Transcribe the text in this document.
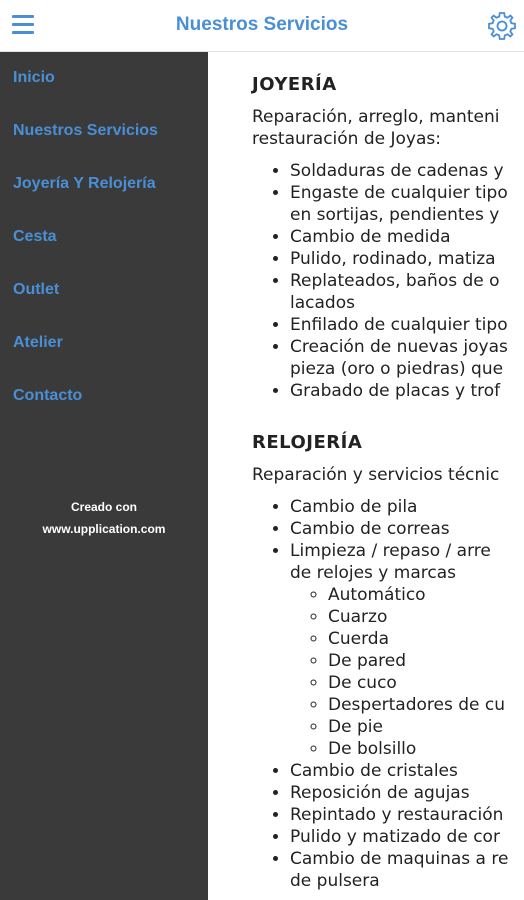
Nuestros Servicios
Inicio
Nuestros Servicios
Joyería Y Relojería
Cesta
Outlet
Atelier
Contacto
Creado con
www.upplication.com
JOYERÍA
Reparación, arreglo, manteni
restauración de Joyas:
• Soldaduras de cadenas y
• Engaste de cualquier tipo
en sortijas, pendientes y
• Cambio de medida
• Pulido, rodinado, matiza
• Replateados, baños de o
lacados
• Enfilado de cualquier tipo
• Creación de nuevas joyas
pieza (oro o piedras) que
• Grabado de placas y trof
RELOJERÍA
Reparación y servicios técnic
• Cambio de pila
• Cambio de correas
• Limpieza / repaso / arre
de relojes y marcas
◦ Automático
◦ Cuarzo
◦ Cuerda
◦ De pared
◦ De cuco
◦ Despertadores de cu
◦ De pie
◦ De bolsillo
• Cambio de cristales
• Reposición de agujas
• Repintado y restauración
• Pulido y matizado de cor
• Cambio de maquinas a re
de pulsera
